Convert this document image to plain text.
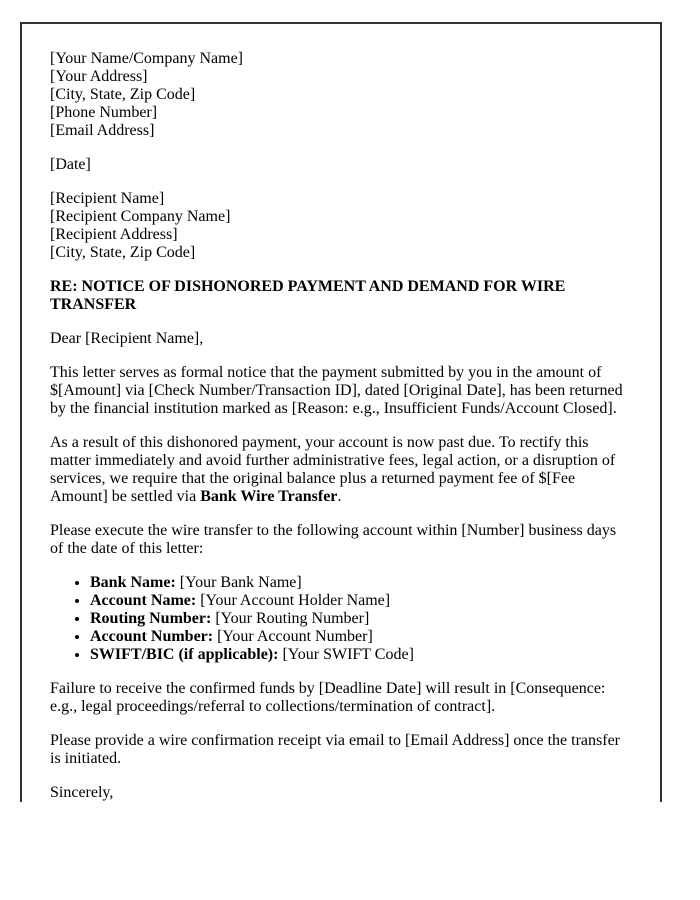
[Your Name/Company Name]
[Your Address]
[City, State, Zip Code]
[Phone Number]
[Email Address]

[Date]

[Recipient Name]
[Recipient Company Name]
[Recipient Address]
[City, State, Zip Code]

RE: NOTICE OF DISHONORED PAYMENT AND DEMAND FOR WIRE TRANSFER

Dear [Recipient Name],

This letter serves as formal notice that the payment submitted by you in the amount of $[Amount] via [Check Number/Transaction ID], dated [Original Date], has been returned by the financial institution marked as [Reason: e.g., Insufficient Funds/Account Closed].

As a result of this dishonored payment, your account is now past due. To rectify this matter immediately and avoid further administrative fees, legal action, or a disruption of services, we require that the original balance plus a returned payment fee of $[Fee Amount] be settled via Bank Wire Transfer.

Please execute the wire transfer to the following account within [Number] business days of the date of this letter:

• Bank Name: [Your Bank Name]
• Account Name: [Your Account Holder Name]
• Routing Number: [Your Routing Number]
• Account Number: [Your Account Number]
• SWIFT/BIC (if applicable): [Your SWIFT Code]

Failure to receive the confirmed funds by [Deadline Date] will result in [Consequence: e.g., legal proceedings/referral to collections/termination of contract].

Please provide a wire confirmation receipt via email to [Email Address] once the transfer is initiated.

Sincerely,
